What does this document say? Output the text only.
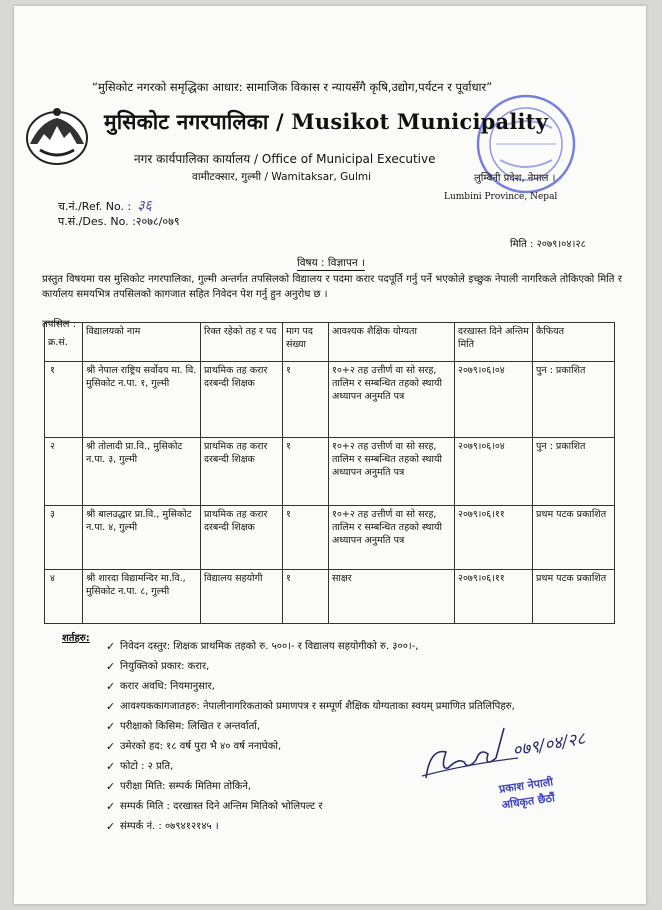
“मुसिकोट नगरको समृद्धिका आधार: सामाजिक विकास र न्यायसँगै कृषि,उद्योग,पर्यटन र पूर्वाधार”
मुसिकोट नगरपालिका / Musikot Municipality
नगर कार्यपालिका कार्यालय / Office of Municipal Executive
वामीटक्सार, गुल्मी / Wamitaksar, Gulmi	लुम्बिनी प्रदेश, नेपाल ।
Lumbini Province, Nepal
च.नं./Ref. No. : ३६
प.सं./Des. No. :२०७८/०७९
मिति : २०७९।०४।२८
विषय : विज्ञापन ।
प्रस्तुत विषयमा यस मुसिकोट नगरपालिका, गुल्मी अन्तर्गत तपसिलको विद्यालय र पदमा करार पदपूर्ति गर्नु पर्ने भएकोले इच्छुक नेपाली नागरिकले तोकिएको मिति र कार्यालय समयभित्र तपसिलको कागजात सहित निवेदन पेश गर्नु हुन अनुरोध छ ।
तपसिल :
क्र.सं.	विद्यालयको नाम	रिक्त रहेको तह र पद	माग पद संख्या	आवश्यक शैक्षिक योग्यता	दरखास्त दिने अन्तिम मिति	कैफियत
१	श्री नेपाल राष्ट्रिय सर्वोदय मा. वि. मुसिकोट न.पा. १, गुल्मी	प्राथमिक तह करार दरबन्दी शिक्षक	१	१०+२ तह उत्तीर्ण वा सो सरह, तालिम र सम्बन्धित तहको स्थायी अध्यापन अनुमति पत्र	२०७९।०६।०४	पुन : प्रकाशित
२	श्री तोलादी प्रा.वि., मुसिकोट न.पा. ३, गुल्मी	प्राथमिक तह करार दरबन्दी शिक्षक	१	१०+२ तह उत्तीर्ण वा सो सरह, तालिम र सम्बन्धित तहको स्थायी अध्यापन अनुमति पत्र	२०७९।०६।०४	पुन : प्रकाशित
३	श्री बालउद्धार प्रा.वि., मुसिकोट न.पा. ४, गुल्मी	प्राथमिक तह करार दरबन्दी शिक्षक	१	१०+२ तह उत्तीर्ण वा सो सरह, तालिम र सम्बन्धित तहको स्थायी अध्यापन अनुमति पत्र	२०७९।०६।११	प्रथम पटक प्रकाशित
४	श्री शारदा विद्यामन्दिर मा.वि., मुसिकोट न.पा. ८, गुल्मी	विद्यालय सहयोगी	१	साक्षर	२०७९।०६।११	प्रथम पटक प्रकाशित
शर्तहरु:
✓ निवेदन दस्तुर: शिक्षक प्राथमिक तहको रु. ५००।- र विद्यालय सहयोगीको रु. ३००।-,
✓ नियुक्तिको प्रकार: करार,
✓ करार अवधि: नियमानुसार,
✓ आवश्यककागजातहरु: नेपालीनागरिकताको प्रमाणपत्र र सम्पूर्ण शैक्षिक योग्यताका स्वयम् प्रमाणित प्रतिलिपिहरु,
✓ परीक्षाको किसिम: लिखित र अन्तर्वार्ता,
✓ उमेरको हद: १८ वर्ष पुरा भै ४० वर्ष ननाघेको,
✓ फोटो : २ प्रति,
✓ परीक्षा मिति: सम्पर्क मितिमा तोकिने,
✓ सम्पर्क मिति : दरखास्त दिने अन्तिम मितिको भोलिपल्ट र
✓ संम्पर्क नं. : ०७९४१२१४५ ।
०७९/०४/२८
प्रकाश नेपाली
अधिकृत छैठौं
